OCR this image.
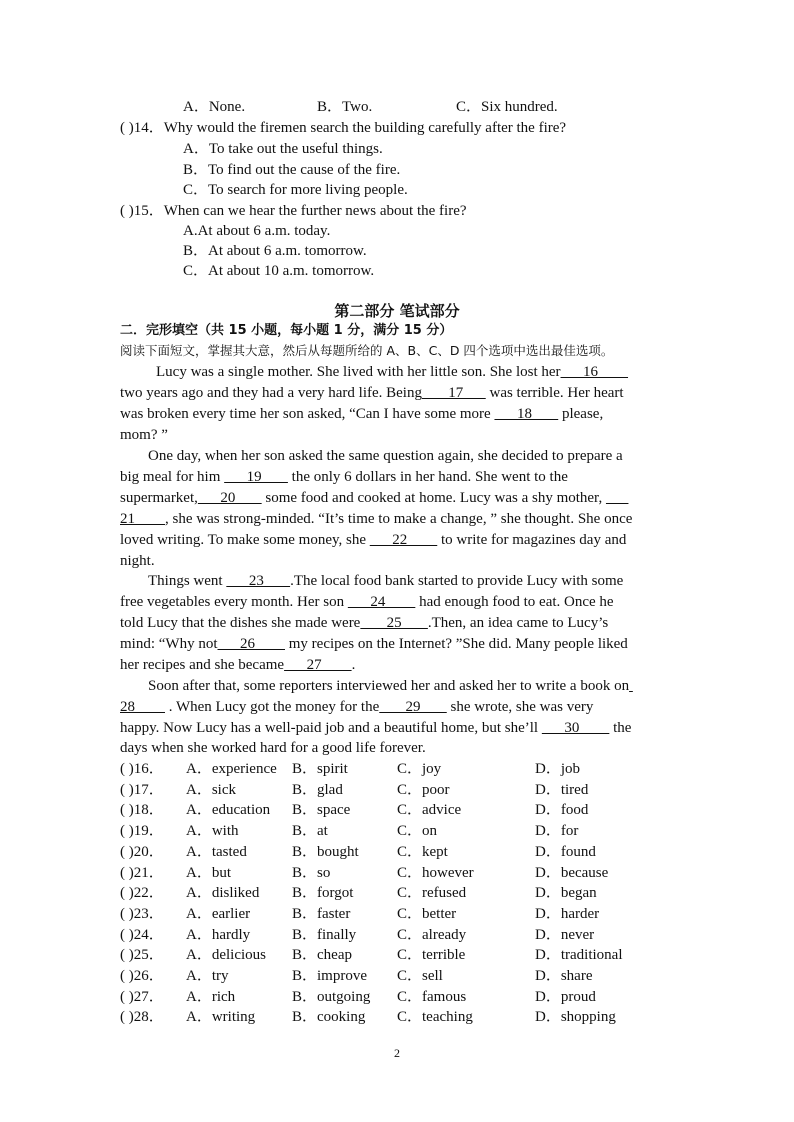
A．None.	B．Two.	C．Six hundred.
( )14．Why would the firemen search the building carefully after the fire?
A．To take out the useful things.
B．To find out the cause of the fire.
C．To search for more living people.
( )15．When can we hear the further news about the fire?
A.At about 6 a.m. today.
B．At about 6 a.m. tomorrow.
C．At about 10 a.m. tomorrow.
第二部分 笔试部分
二．完形填空（共 15 小题，每小题 1 分，满分 15 分）
阅读下面短文，掌握其大意，然后从每题所给的 A、B、C、D 四个选项中选出最佳选项。
Lucy was a single mother. She lived with her little son. She lost her      16
two years ago and they had a very hard life. Being       17       was terrible. Her heart
was broken every time her son asked, “Can I have some more       18        please,
mom? ”
One day, when her son asked the same question again, she decided to prepare a
big meal for him       19        the only 6 dollars in her hand. She went to the
supermarket,      20        some food and cooked at home. Lucy was a shy mother,
21        , she was strong-minded. “It’s time to make a change, ” she thought. She once
loved writing. To make some money, she       22         to write for magazines day and
night.
Things went       23       .The local food bank started to provide Lucy with some
free vegetables every month. Her son       24         had enough food to eat. Once he
told Lucy that the dishes she made were       25       .Then, an idea came to Lucy’s
mind: “Why not      26         my recipes on the Internet? ”She did. Many people liked
her recipes and she became      27        .
Soon after that, some reporters interviewed her and asked her to write a book on
28         . When Lucy got the money for the       29        she wrote, she was very
happy. Now Lucy has a well-paid job and a beautiful home, but she’ll       30         the
days when she worked hard for a good life forever.
( )16． A．experience B．spirit	C．joy	D．job
( )17． A．sick	B．glad	C．poor	D．tired
( )18． A．education B．space	C．advice	D．food
( )19． A．with	B．at	C．on	D．for
( )20． A．tasted	B．bought	C．kept	D．found
( )21． A．but	B．so	C．however	D．because
( )22． A．disliked B．forgot	C．refused	D．began
( )23． A．earlier	B．faster	C．better	D．harder
( )24． A．hardly	B．finally	C．already	D．never
( )25． A．delicious B．cheap	C．terrible	D．traditional
( )26． A．try	B．improve C．sell	D．share
( )27． A．rich	B．outgoing C．famous	D．proud
( )28． A．writing B．cooking C．teaching	D．shopping
2
